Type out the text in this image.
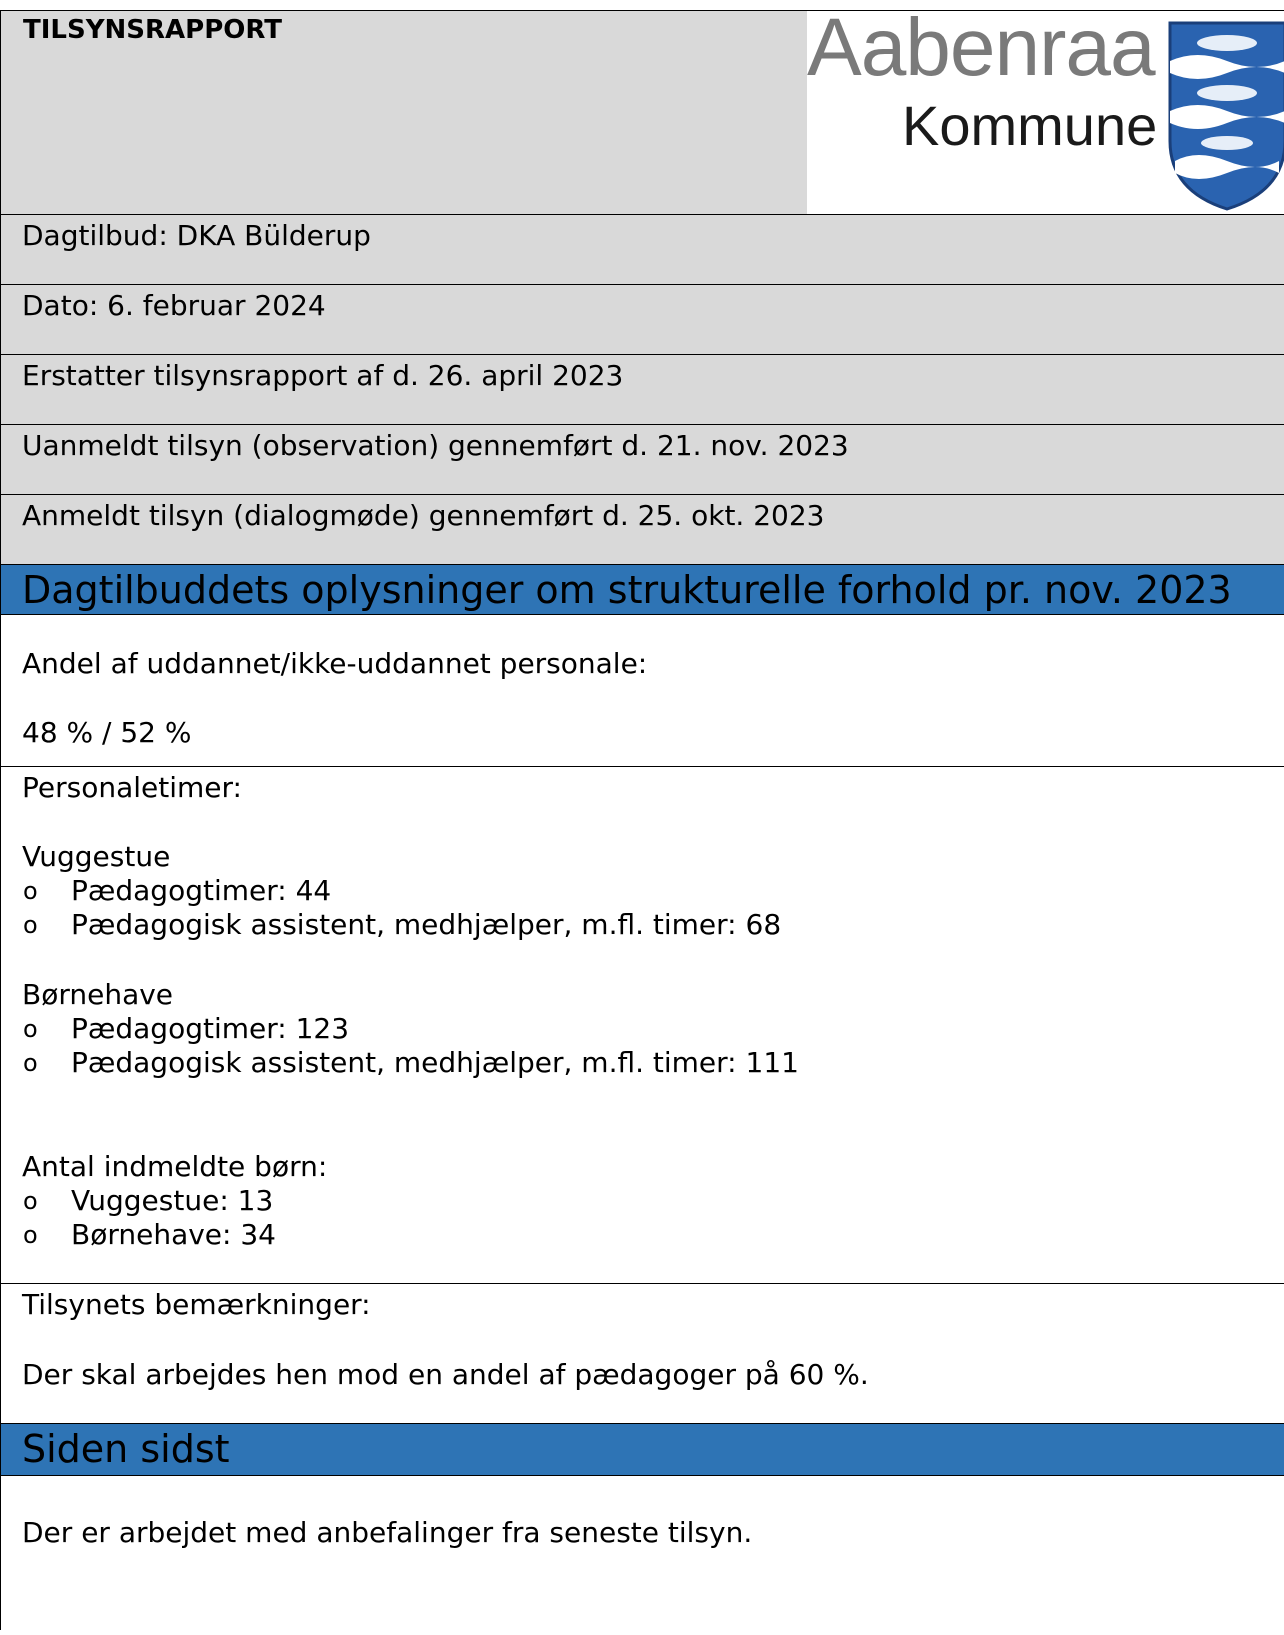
TILSYNSRAPPORT	Aabenraa
Kommune
Dagtilbud: DKA Bülderup
Dato: 6. februar 2024
Erstatter tilsynsrapport af d. 26. april 2023
Uanmeldt tilsyn (observation) gennemført d. 21. nov. 2023
Anmeldt tilsyn (dialogmøde) gennemført d. 25. okt. 2023
Dagtilbuddets oplysninger om strukturelle forhold pr. nov. 2023
Andel af uddannet/ikke-uddannet personale:
48 % / 52 %
Personaletimer:
Vuggestue
o Pædagogtimer: 44
o Pædagogisk assistent, medhjælper, m.fl. timer: 68
Børnehave
o Pædagogtimer: 123
o Pædagogisk assistent, medhjælper, m.fl. timer: 111
Antal indmeldte børn:
o Vuggestue: 13
o Børnehave: 34
Tilsynets bemærkninger:
Der skal arbejdes hen mod en andel af pædagoger på 60 %.
Siden sidst
Der er arbejdet med anbefalinger fra seneste tilsyn.
